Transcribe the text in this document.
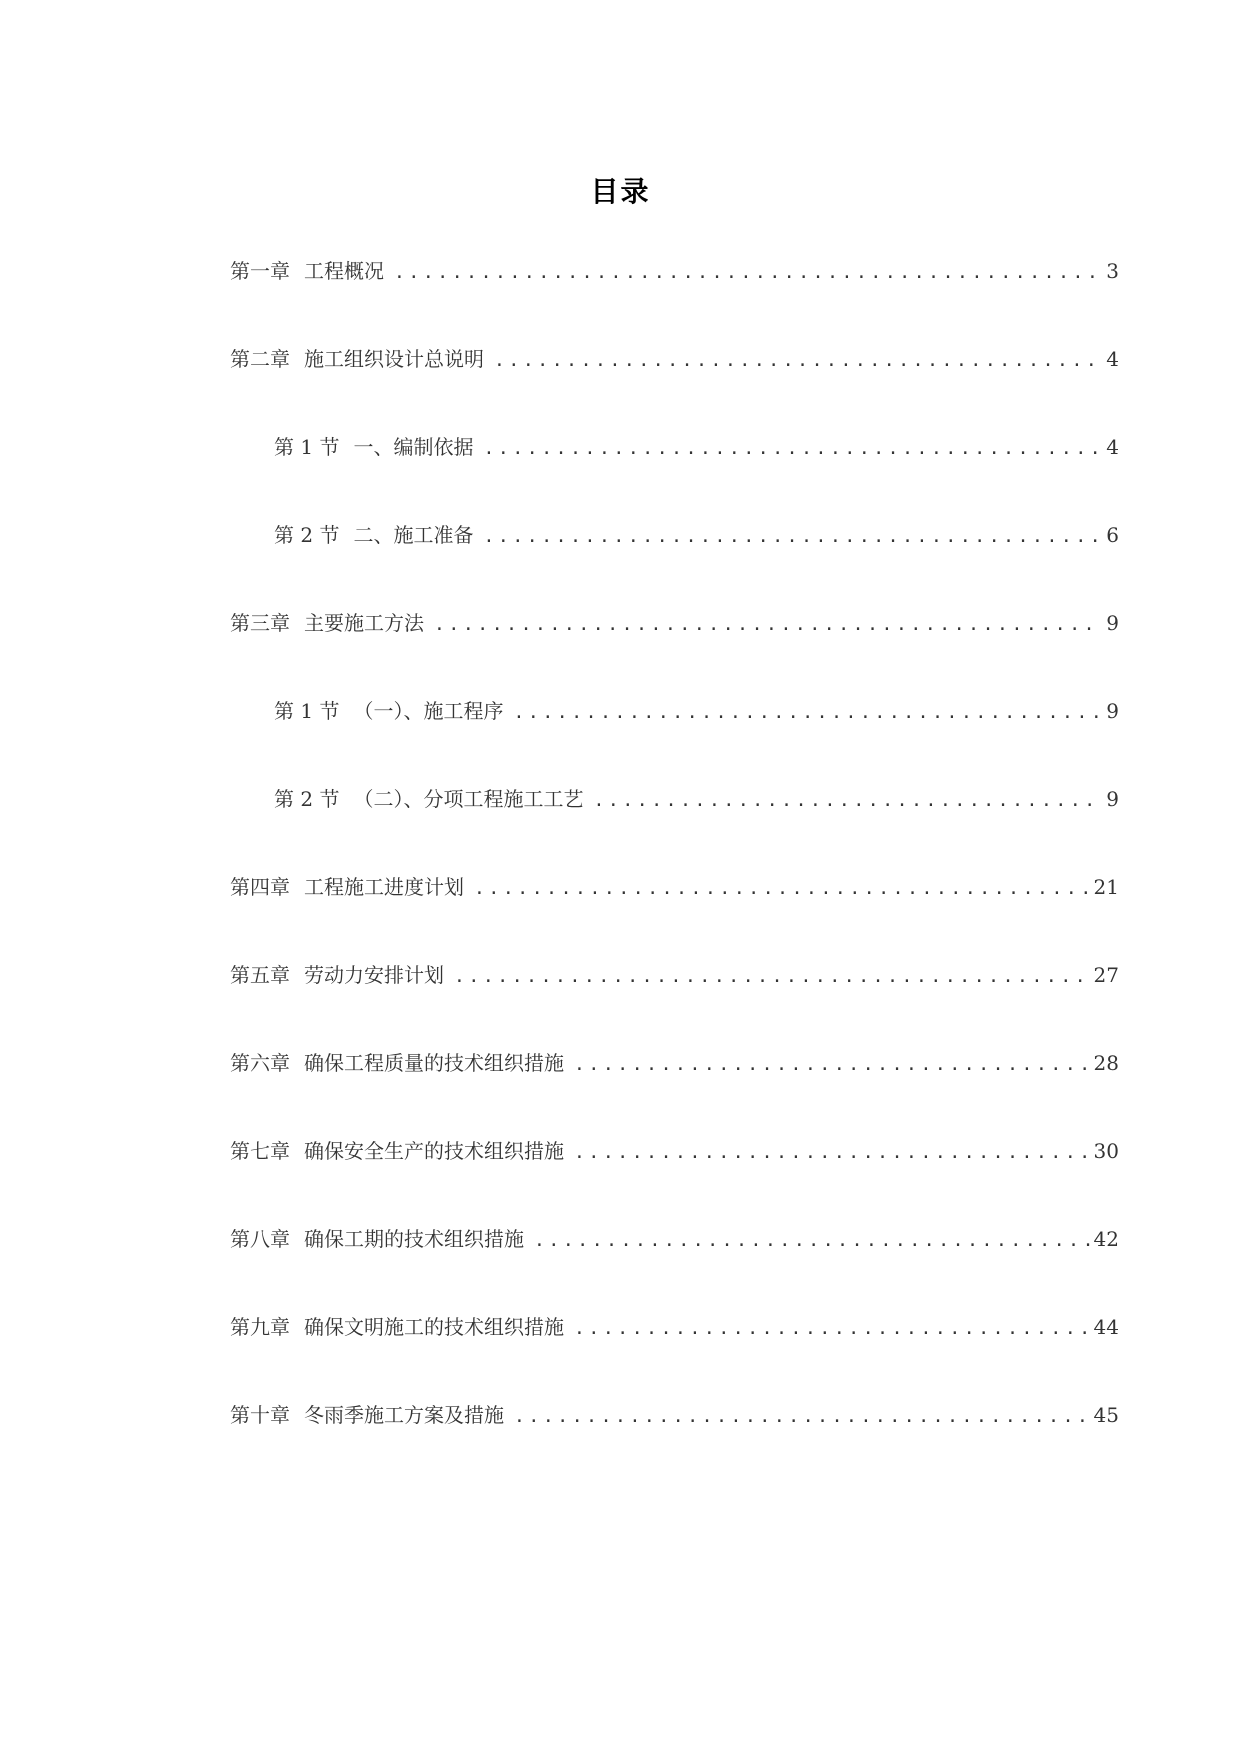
目录
第一章 工程概况 .....	3
第二章 施工组织设计总说明 .....	4
第 1 节 一、编制依据 .....	4
第 2 节 二、施工准备 .....	6
第三章 主要施工方法 .....	9
第 1 节 （一）、施工程序 .....	9
第 2 节 （二）、分项工程施工工艺 .....	9
第四章 工程施工进度计划 .....	21
第五章 劳动力安排计划 .....	27
第六章 确保工程质量的技术组织措施 .....	28
第七章 确保安全生产的技术组织措施 .....	30
第八章 确保工期的技术组织措施 .....	42
第九章 确保文明施工的技术组织措施 .....	44
第十章 冬雨季施工方案及措施 .....	45
